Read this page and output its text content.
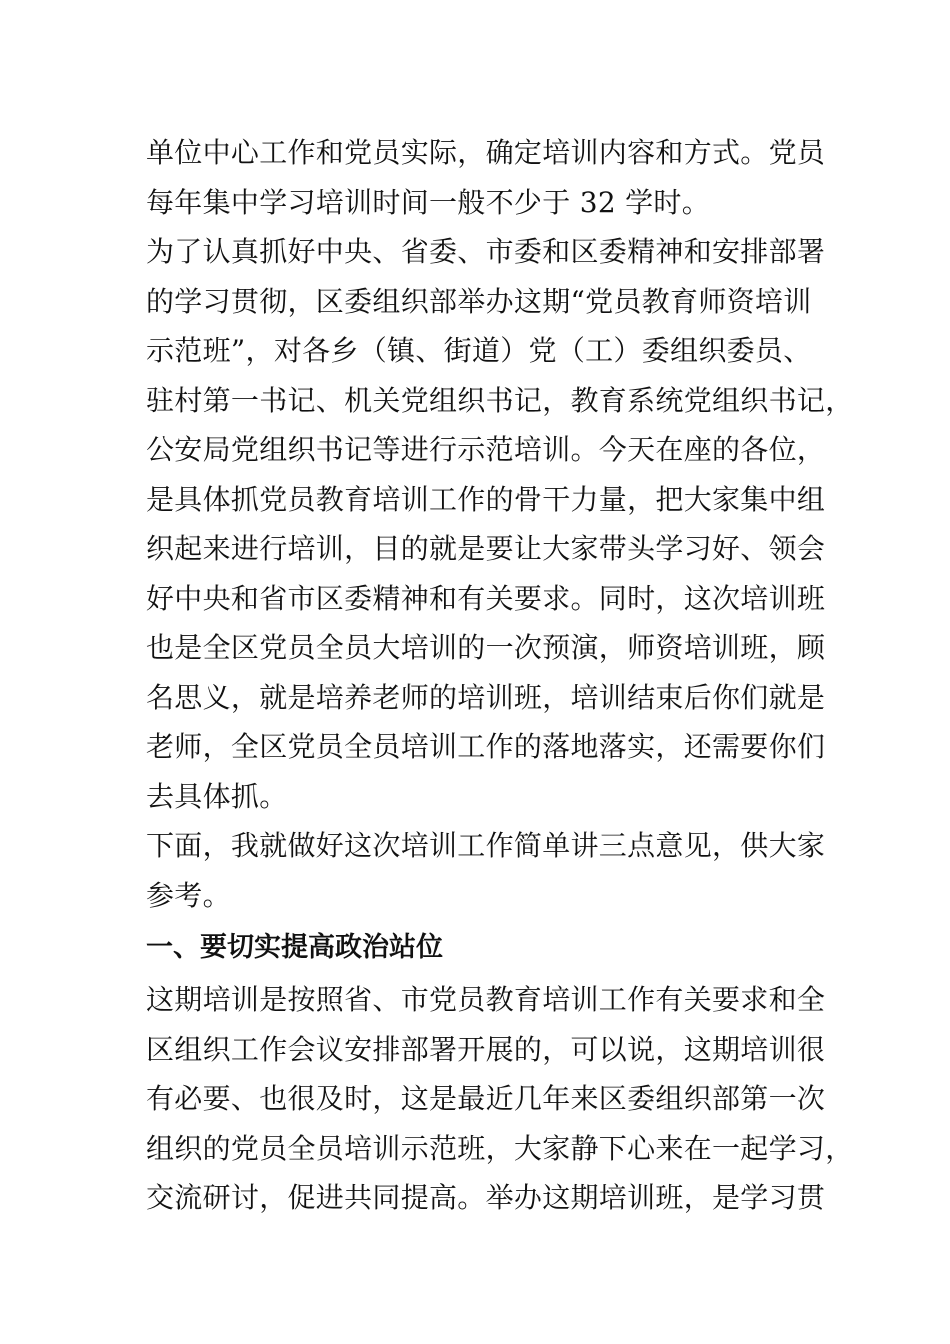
单位中心工作和党员实际，确定培训内容和方式。党员
每年集中学习培训时间一般不少于 32 学时。
为了认真抓好中央、省委、市委和区委精神和安排部署
的学习贯彻，区委组织部举办这期“党员教育师资培训
示范班”，对各乡（镇、街道）党（工）委组织委员、
驻村第一书记、机关党组织书记，教育系统党组织书记，
公安局党组织书记等进行示范培训。今天在座的各位，
是具体抓党员教育培训工作的骨干力量，把大家集中组
织起来进行培训，目的就是要让大家带头学习好、领会
好中央和省市区委精神和有关要求。同时，这次培训班
也是全区党员全员大培训的一次预演，师资培训班，顾
名思义，就是培养老师的培训班，培训结束后你们就是
老师，全区党员全员培训工作的落地落实，还需要你们
去具体抓。
下面，我就做好这次培训工作简单讲三点意见，供大家
参考。
一、要切实提高政治站位
这期培训是按照省、市党员教育培训工作有关要求和全
区组织工作会议安排部署开展的，可以说，这期培训很
有必要、也很及时，这是最近几年来区委组织部第一次
组织的党员全员培训示范班，大家静下心来在一起学习，
交流研讨，促进共同提高。举办这期培训班，是学习贯
